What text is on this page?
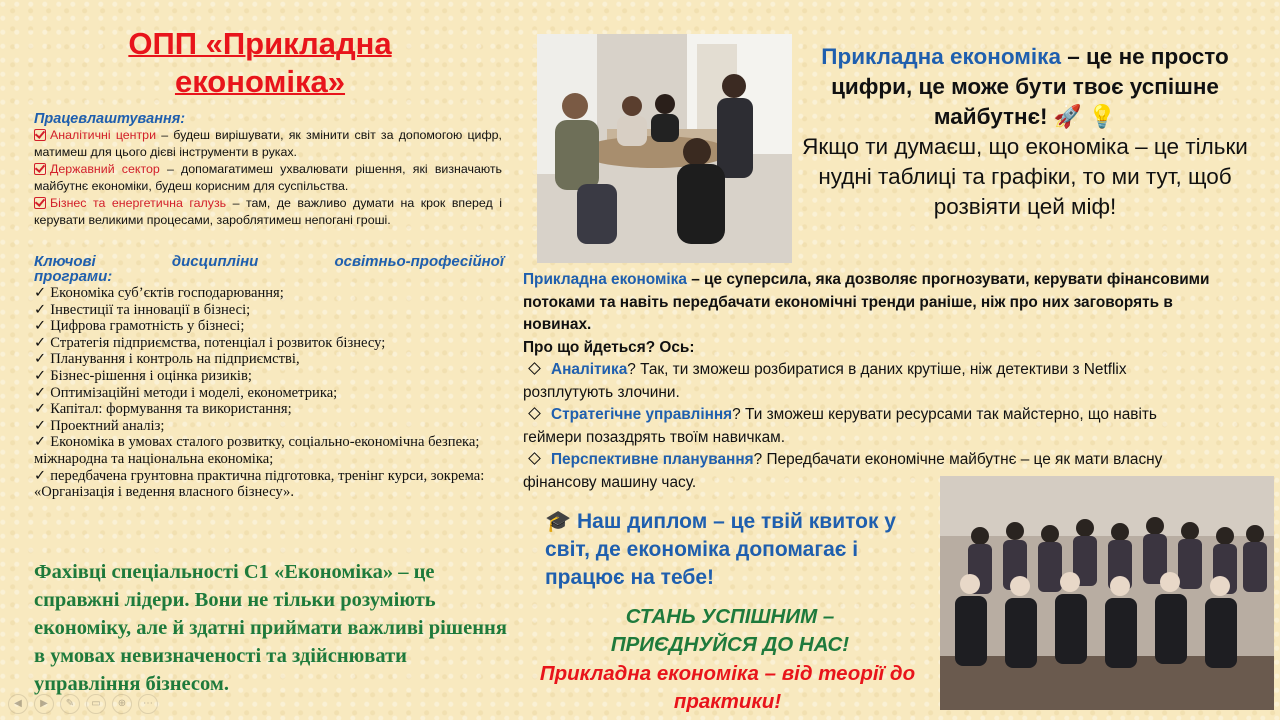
ОПП «Прикладна економіка»
Працевлаштування:

Аналітичні центри – будеш вирішувати, як змінити світ за допомогою цифр, матимеш для цього дієві інструменти в руках.

Державний сектор – допомагатимеш ухвалювати рішення, які визначають майбутнє економіки, будеш корисним для суспільства.

Бізнес та енергетична галузь – там, де важливо думати на крок вперед і керувати великими процесами, зароблятимеш непогані гроші.

Ключові дисципліни освітньо-професійної
програми:
✓ Економіка суб’єктів господарювання;
✓ Інвестиції та інновації в бізнесі;
✓ Цифрова грамотність у бізнесі;
✓ Стратегія підприємства, потенціал і розвиток бізнесу;
✓ Планування і контроль на підприємстві,
✓ Бізнес-рішення і оцінка ризиків;
✓ Оптимізаційні методи і моделі, економетрика;
✓ Капітал: формування та використання;
✓ Проектний аналіз;
✓ Економіка в умовах сталого розвитку, соціально-економічна безпека; міжнародна та національна економіка;
✓ передбачена грунтовна практична підготовка, тренінг курси, зокрема: «Організація і ведення власного бізнесу».
Фахівці спеціальності С1 «Економіка» – це справжні лідери. Вони не тільки розуміють економіку, але й здатні приймати важливі рішення в умовах невизначеності та здійснювати управління бізнесом.
Прикладна економіка – це не просто цифри, це може бути твоє успішне майбутнє! 🚀 💡
Якщо ти думаєш, що економіка – це тільки нудні таблиці та графіки, то ми тут, щоб розвіяти цей міф!
Прикладна економіка – це суперсила, яка дозволяє прогнозувати, керувати фінансовими потоками та навіть передбачати економічні тренди раніше, ніж про них заговорять в новинах.
Про що йдеться? Ось:
Аналітика? Так, ти зможеш розбиратися в даних крутіше, ніж детективи з Netflix розплутують злочини.
Стратегічне управління? Ти зможеш керувати ресурсами так майстерно, що навіть геймери позаздрять твоїм навичкам.
Перспективне планування? Передбачати економічне майбутнє – це як мати власну фінансову машину часу.
🎓 Наш диплом – це твій квиток у світ, де економіка допомагає і працює на тебе!
СТАНЬ УСПІШНИМ – ПРИЄДНУЙСЯ ДО НАС!
Прикладна економіка – від теорії до практики!
◀	▶	✎	▭	⊕	⋯
